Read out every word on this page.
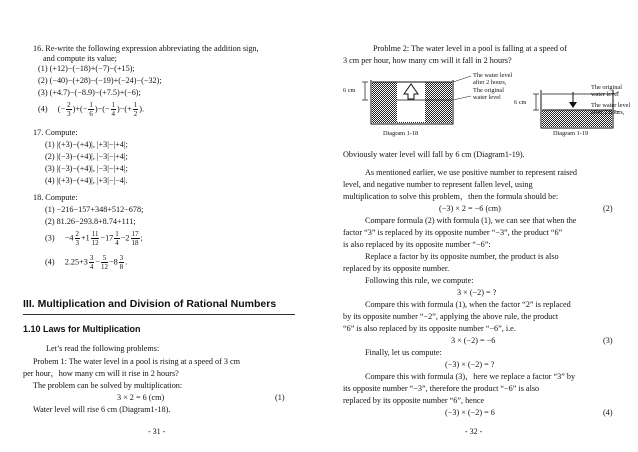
16. Re-write the following expression abbreviating the addition sign,
and compute its value;
(1) (+12)−(−18)+(−7)−(+15);
(2) (−40)−(+28)−(−19)+(−24)−(−32);
(3) (+4.7)−(−8.9)−(+7.5)+(−6);
(4) (− $\frac{2}{3}$ )+(− $\frac{1}{6}$ )−(− $\frac{1}{4}$ )−(+ $\frac{1}{2}$ ).
17. Compute:
(1) |(+3)−(+4)|, |+3|−|+4|;
(2) |(−3)−(+4)|, |−3|−|+4|;
(3) |(−3)−(+4)|, |−3|−|+4|;
(4) |(+3)−(+4)|, |+3|−|−4|.
18. Compute:
(1) −216−157+348+512−678;
(2) 81.26−293.8+8.74+111;
$(3) -4 \frac{2}{3} +1 \frac{11}{12} -17 \frac{1}{4} -2 \frac{17}{18}$ ;
(4) $2.25+3 \frac{3}{4} - \frac{5}{12} -8 \frac{3}{8}$ .
III. Multiplication and Division of Rational Numbers
1.10 Laws for Multiplication
Let’s read the following problems:
Probem 1: The water level in a pool is rising at a speed of 3 cm
per hour，how many cm will it rise in 2 hours?
The problem can be solved by multiplication:
3 × 2 = 6 (cm)	(1)
Water level will rise 6 cm (Diagram1-18).
- 31 -
Problme 2: The water level in a pool is falling at a speed of
3 cm per hour, how many cm will it fall in 2 hours?
6 cm
The water level
after 2 hours,
The original
water level
6 cm
The original
water level
The water level
after 2 hours,
Diagram 1-18	Diagram 1-19
Obviously water level will fall by 6 cm (Diagram1-19).
As mentioned earlier, we use positive number to represent raised
level, and negative number to represent fallen level, using
multiplication to solve this problem，then the formula should be:
(−3) × 2 = −6 (cm)	(2)
Compare formula (2) with formula (1), we can see that when the
factor “3” is replaced by its opposite number “−3”, the product “6”
is also replaced by its opposite number “−6”:
Replace a factor by its opposite number, the product is also
replaced by its opposite number.
Following this rule, we compute:
3 × (−2) = ?
Compare this with formula (1), when the factor “2” is replaced
by its opposite number “−2”, applying the above rule, the product
“6” is also replaced by its opposite number “−6”, i.e.
3 × (−2) = −6	(3)
Finally, let us compute:
(−3) × (−2) = ?
Compare this with formula (3)，here we replace a factor “3” by
its opposite number “−3”, therefore the product “−6” is also
replaced by its opposite number “6”, hence
(−3) × (−2) = 6	(4)
- 32 -
